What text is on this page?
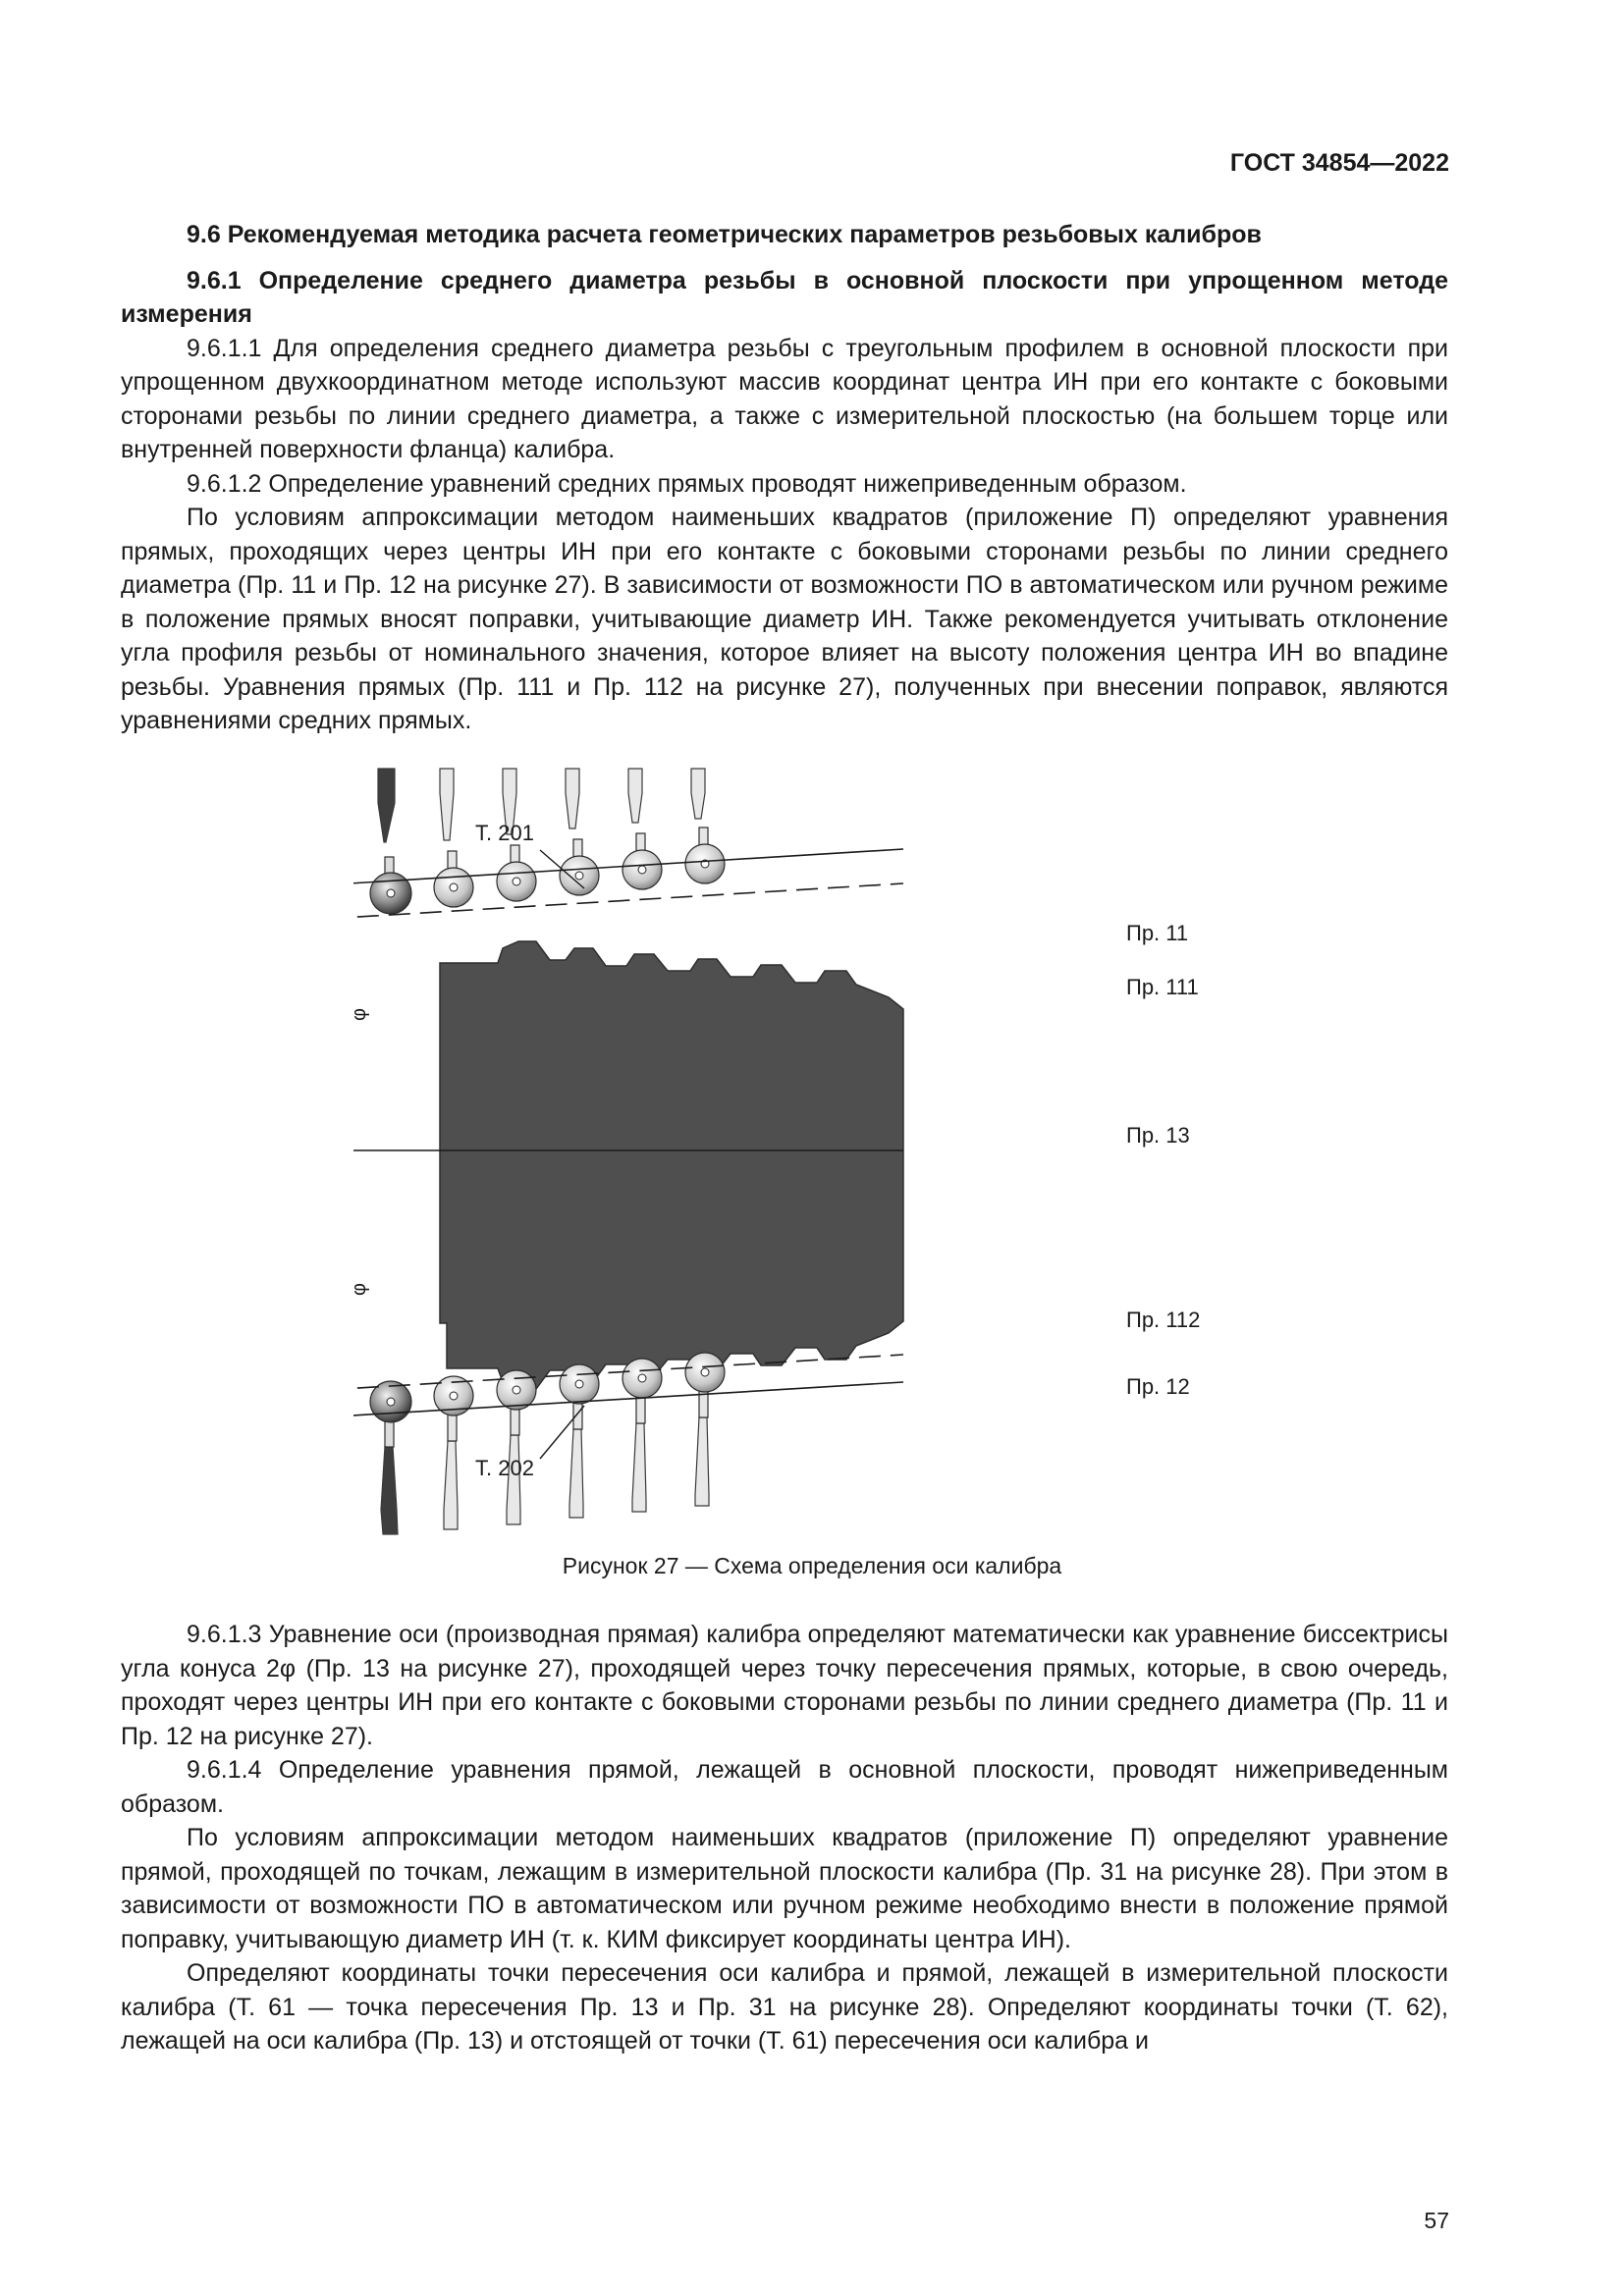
ГОСТ 34854—2022

9.6 Рекомендуемая методика расчета геометрических параметров резьбовых калибров

9.6.1 Определение среднего диаметра резьбы в основной плоскости при упрощенном методе измерения

9.6.1.1 Для определения среднего диаметра резьбы с треугольным профилем в основной плоскости при упрощенном двухкоординатном методе используют массив координат центра ИН при его контакте с боковыми сторонами резьбы по линии среднего диаметра, а также с измерительной плоскостью (на большем торце или внутренней поверхности фланца) калибра.

9.6.1.2 Определение уравнений средних прямых проводят нижеприведенным образом.

По условиям аппроксимации методом наименьших квадратов (приложение П) определяют уравнения прямых, проходящих через центры ИН при его контакте с боковыми сторонами резьбы по линии среднего диаметра (Пр. 11 и Пр. 12 на рисунке 27). В зависимости от возможности ПО в автоматическом или ручном режиме в положение прямых вносят поправки, учитывающие диаметр ИН. Также рекомендуется учитывать отклонение угла профиля резьбы от номинального значения, которое влияет на высоту положения центра ИН во впадине резьбы. Уравнения прямых (Пр. 111 и Пр. 112 на рисунке 27), полученных при внесении поправок, являются уравнениями средних прямых.

Т. 201
Т. 202
Пр. 11
Пр. 111
Пр. 13
Пр. 112
Пр. 12
φ
φ
Рисунок 27 — Схема определения оси калибра

9.6.1.3 Уравнение оси (производная прямая) калибра определяют математически как уравнение биссектрисы угла конуса 2φ (Пр. 13 на рисунке 27), проходящей через точку пересечения прямых, которые, в свою очередь, проходят через центры ИН при его контакте с боковыми сторонами резьбы по линии среднего диаметра (Пр. 11 и Пр. 12 на рисунке 27).

9.6.1.4 Определение уравнения прямой, лежащей в основной плоскости, проводят нижеприведенным образом.

По условиям аппроксимации методом наименьших квадратов (приложение П) определяют уравнение прямой, проходящей по точкам, лежащим в измерительной плоскости калибра (Пр. 31 на рисунке 28). При этом в зависимости от возможности ПО в автоматическом или ручном режиме необходимо внести в положение прямой поправку, учитывающую диаметр ИН (т. к. КИМ фиксирует координаты центра ИН).

Определяют координаты точки пересечения оси калибра и прямой, лежащей в измерительной плоскости калибра (Т. 61 — точка пересечения Пр. 13 и Пр. 31 на рисунке 28). Определяют координаты точки (Т. 62), лежащей на оси калибра (Пр. 13) и отстоящей от точки (Т. 61) пересечения оси калибра и

57
